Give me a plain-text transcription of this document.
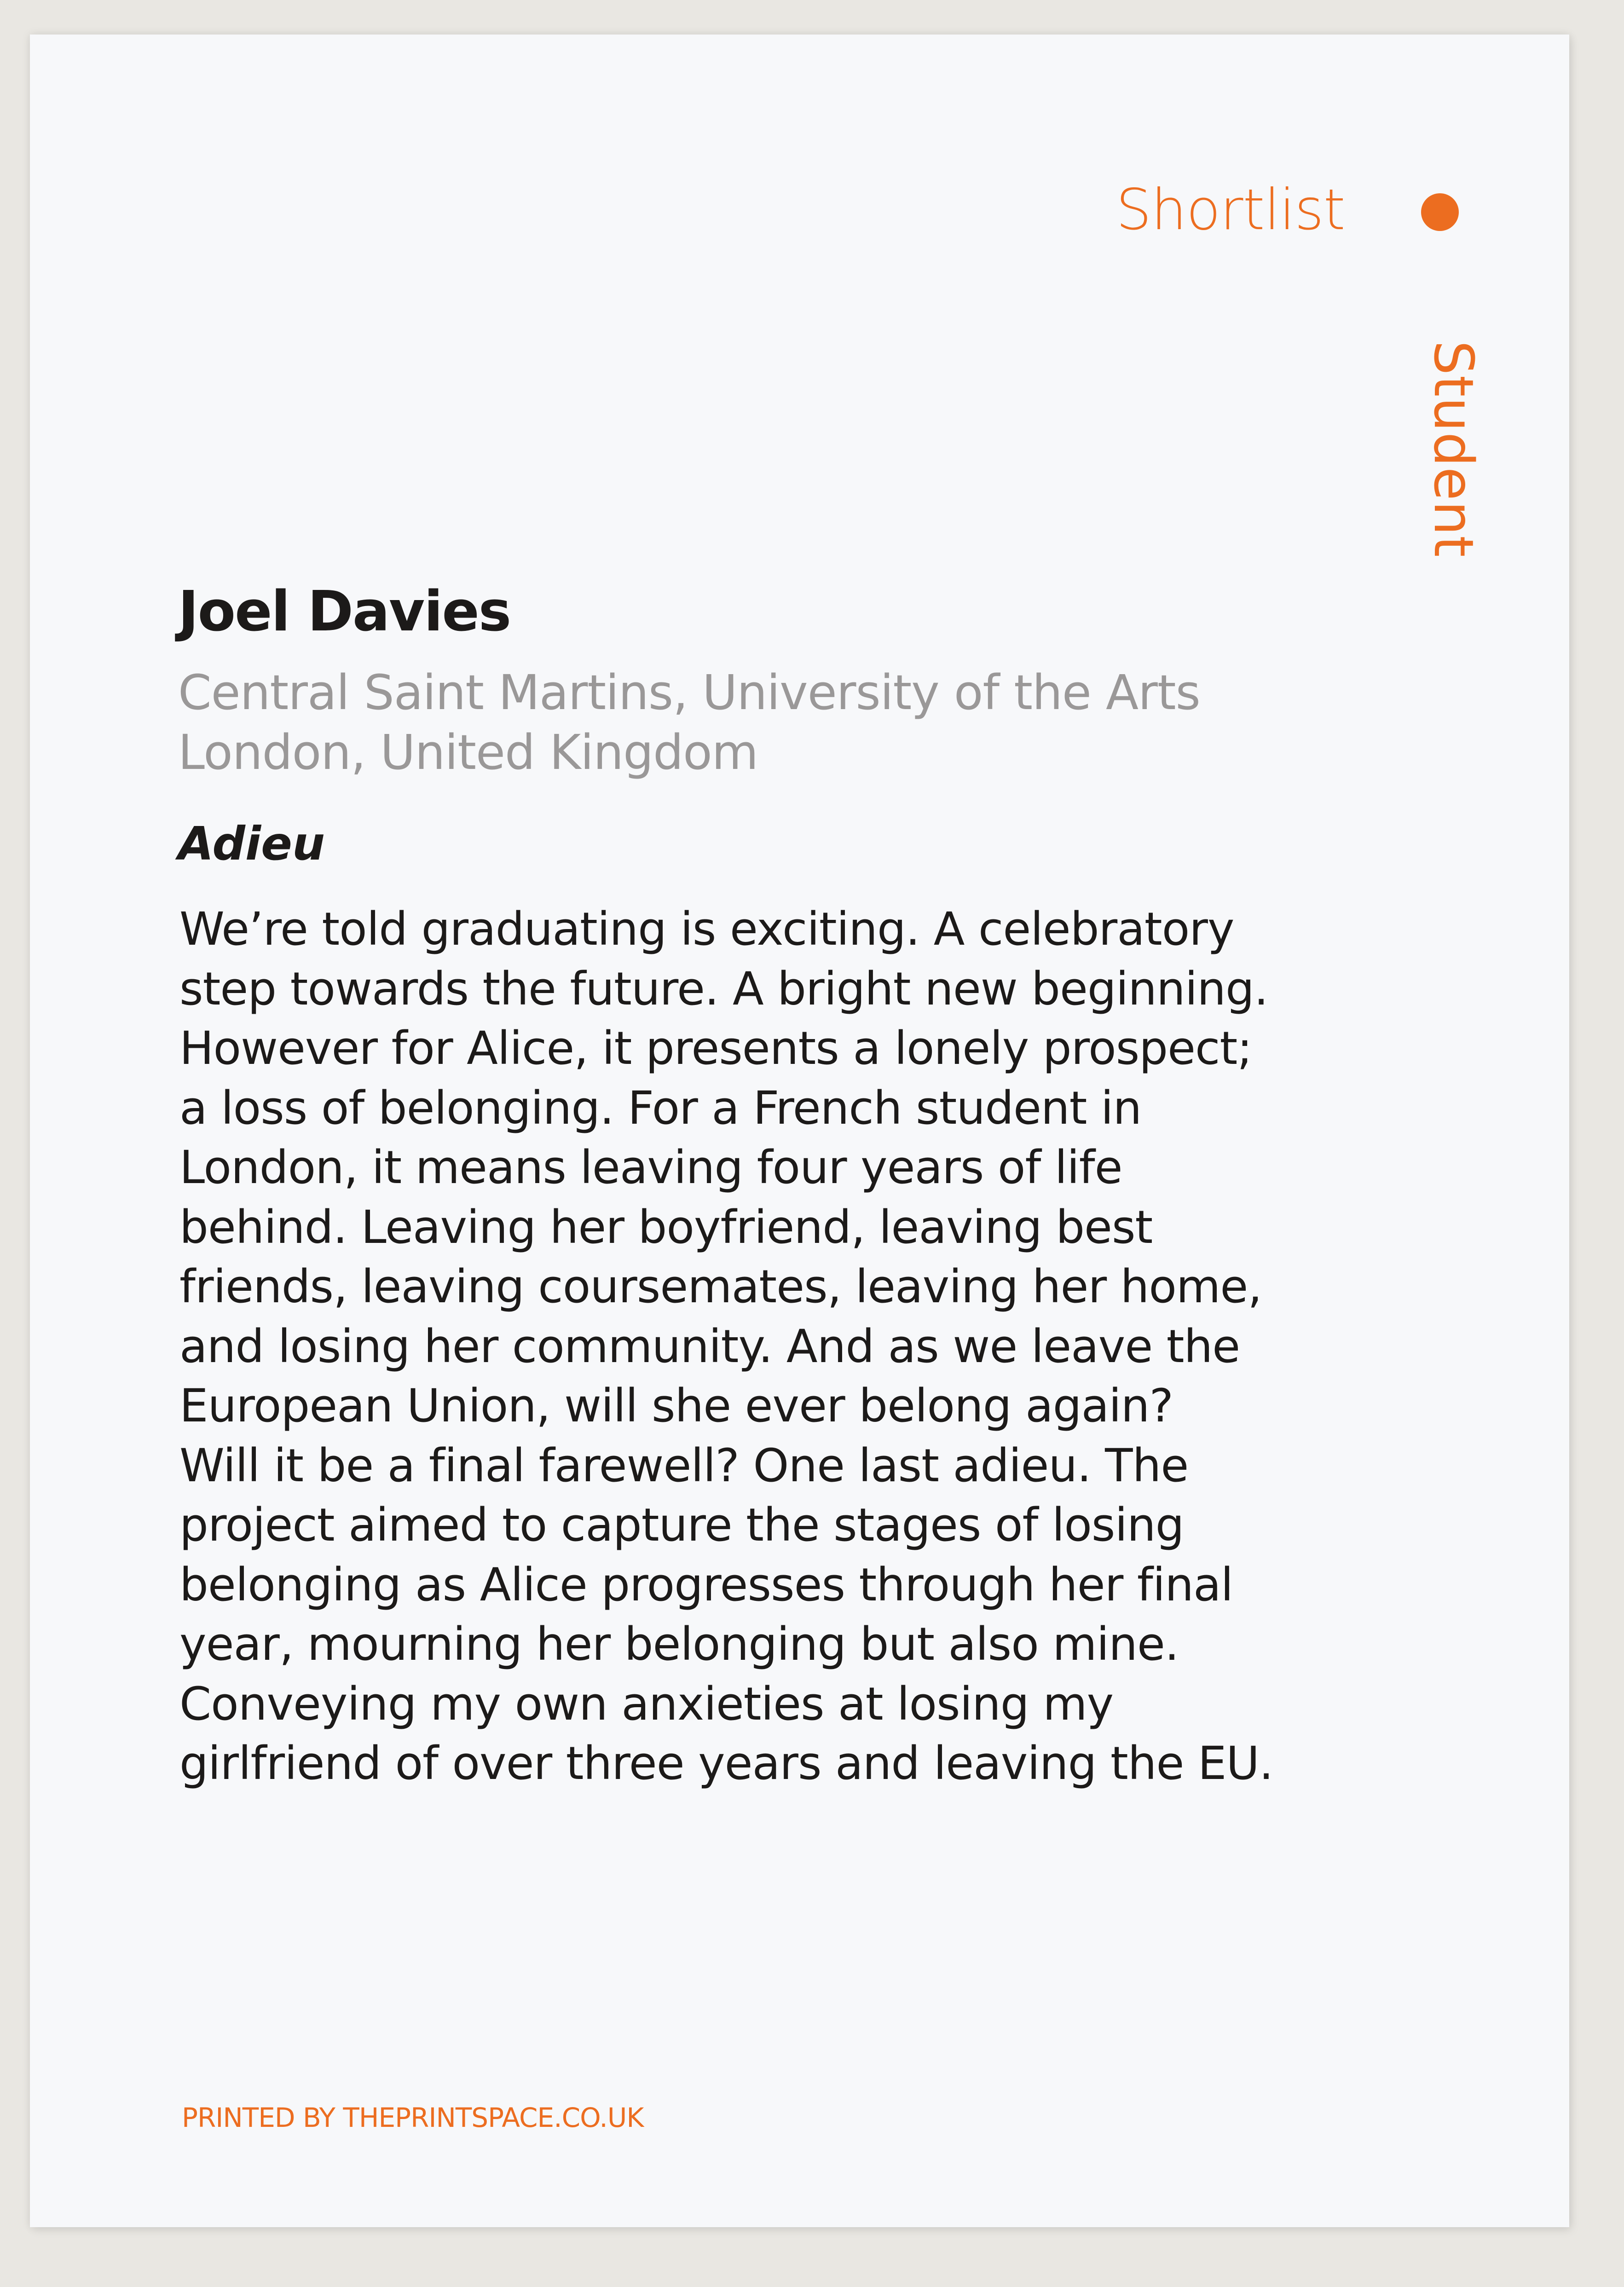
Shortlist
Student
Joel Davies
Central Saint Martins, University of the Arts
London, United Kingdom
Adieu
We’re told graduating is exciting. A celebratory
step towards the future. A bright new beginning.
However for Alice, it presents a lonely prospect;
a loss of belonging. For a French student in
London, it means leaving four years of life
behind. Leaving her boyfriend, leaving best
friends, leaving coursemates, leaving her home,
and losing her community. And as we leave the
European Union, will she ever belong again?
Will it be a final farewell? One last adieu. The
project aimed to capture the stages of losing
belonging as Alice progresses through her final
year, mourning her belonging but also mine.
Conveying my own anxieties at losing my
girlfriend of over three years and leaving the EU.
PRINTED BY THEPRINTSPACE.CO.UK
